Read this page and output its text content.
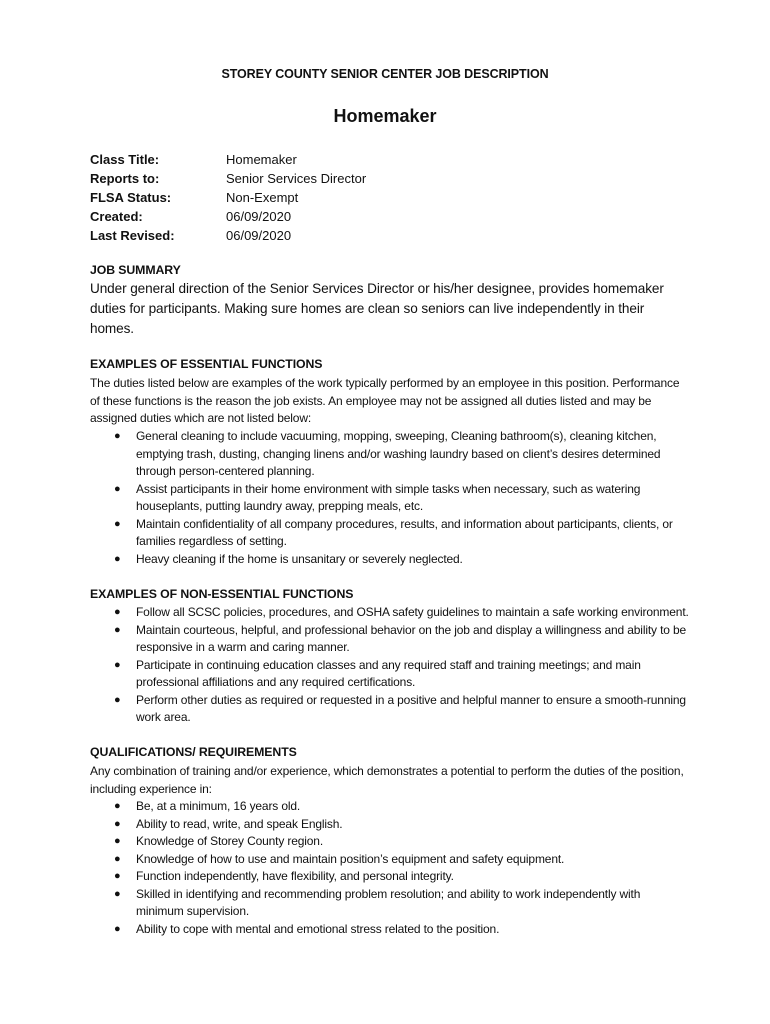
STOREY COUNTY SENIOR CENTER JOB DESCRIPTION
Homemaker
Class Title:	Homemaker
Reports to:	Senior Services Director
FLSA Status:	Non-Exempt
Created:	06/09/2020
Last Revised:	06/09/2020
JOB SUMMARY
Under general direction of the Senior Services Director or his/her designee, provides homemaker duties for participants. Making sure homes are clean so seniors can live independently in their homes.
EXAMPLES OF ESSENTIAL FUNCTIONS
The duties listed below are examples of the work typically performed by an employee in this position. Performance of these functions is the reason the job exists. An employee may not be assigned all duties listed and may be assigned duties which are not listed below:
● General cleaning to include vacuuming, mopping, sweeping, Cleaning bathroom(s), cleaning kitchen, emptying trash, dusting, changing linens and/or washing laundry based on client’s desires determined through person-centered planning.
● Assist participants in their home environment with simple tasks when necessary, such as watering houseplants, putting laundry away, prepping meals, etc.
● Maintain confidentiality of all company procedures, results, and information about participants, clients, or families regardless of setting.
● Heavy cleaning if the home is unsanitary or severely neglected.
EXAMPLES OF NON-ESSENTIAL FUNCTIONS
● Follow all SCSC policies, procedures, and OSHA safety guidelines to maintain a safe working environment.
● Maintain courteous, helpful, and professional behavior on the job and display a willingness and ability to be responsive in a warm and caring manner.
● Participate in continuing education classes and any required staff and training meetings; and main professional affiliations and any required certifications.
● Perform other duties as required or requested in a positive and helpful manner to ensure a smooth-running work area.
QUALIFICATIONS/ REQUIREMENTS
Any combination of training and/or experience, which demonstrates a potential to perform the duties of the position, including experience in:
● Be, at a minimum, 16 years old.
● Ability to read, write, and speak English.
● Knowledge of Storey County region.
● Knowledge of how to use and maintain position’s equipment and safety equipment.
● Function independently, have flexibility, and personal integrity.
● Skilled in identifying and recommending problem resolution; and ability to work independently with minimum supervision.
● Ability to cope with mental and emotional stress related to the position.
